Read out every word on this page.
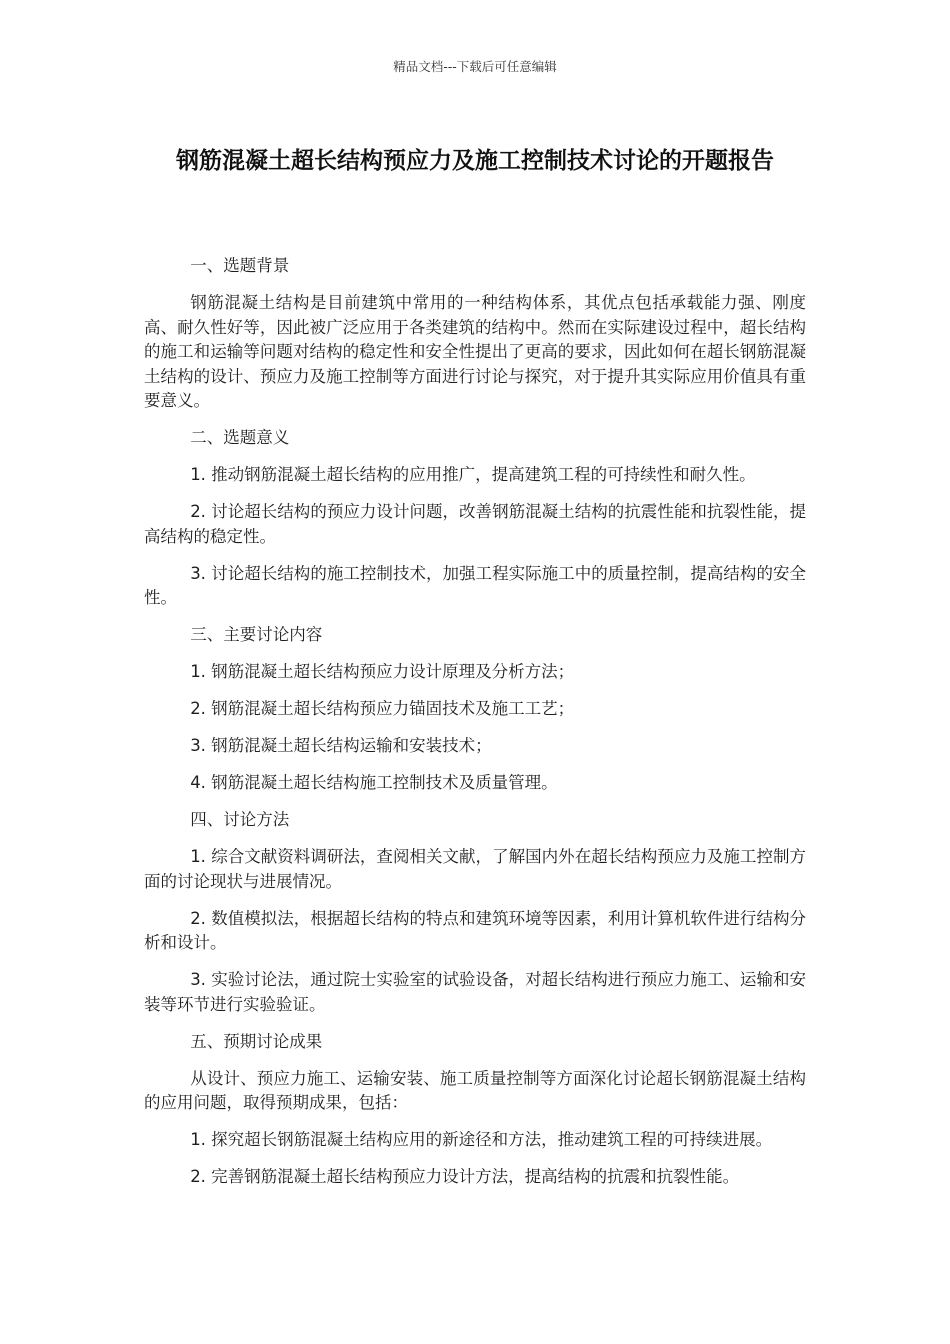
精品文档---下载后可任意编辑
钢筋混凝土超长结构预应力及施工控制技术讨论的开题报告

一、选题背景

钢筋混凝土结构是目前建筑中常用的一种结构体系，其优点包括承载能力强、刚度高、耐久性好等，因此被广泛应用于各类建筑的结构中。然而在实际建设过程中，超长结构的施工和运输等问题对结构的稳定性和安全性提出了更高的要求，因此如何在超长钢筋混凝土结构的设计、预应力及施工控制等方面进行讨论与探究，对于提升其实际应用价值具有重要意义。

二、选题意义

1. 推动钢筋混凝土超长结构的应用推广，提高建筑工程的可持续性和耐久性。

2. 讨论超长结构的预应力设计问题，改善钢筋混凝土结构的抗震性能和抗裂性能，提高结构的稳定性。

3. 讨论超长结构的施工控制技术，加强工程实际施工中的质量控制，提高结构的安全性。

三、主要讨论内容

1. 钢筋混凝土超长结构预应力设计原理及分析方法；

2. 钢筋混凝土超长结构预应力锚固技术及施工工艺；

3. 钢筋混凝土超长结构运输和安装技术；

4. 钢筋混凝土超长结构施工控制技术及质量管理。

四、讨论方法

1. 综合文献资料调研法，查阅相关文献，了解国内外在超长结构预应力及施工控制方面的讨论现状与进展情况。

2. 数值模拟法，根据超长结构的特点和建筑环境等因素，利用计算机软件进行结构分析和设计。

3. 实验讨论法，通过院士实验室的试验设备，对超长结构进行预应力施工、运输和安装等环节进行实验验证。

五、预期讨论成果

从设计、预应力施工、运输安装、施工质量控制等方面深化讨论超长钢筋混凝土结构的应用问题，取得预期成果，包括：

1. 探究超长钢筋混凝土结构应用的新途径和方法，推动建筑工程的可持续进展。

2. 完善钢筋混凝土超长结构预应力设计方法，提高结构的抗震和抗裂性能。
